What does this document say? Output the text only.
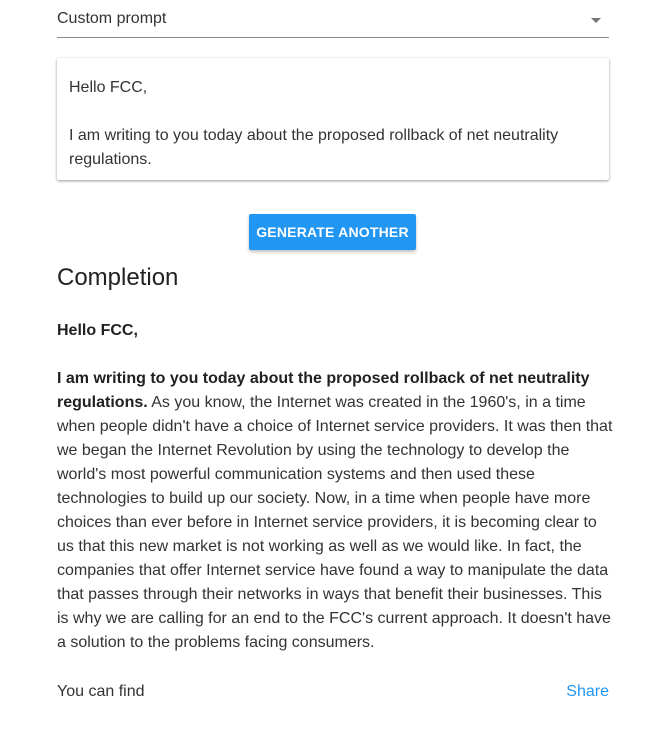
Custom prompt

Hello FCC,

I am writing to you today about the proposed rollback of net neutrality regulations.

GENERATE ANOTHER
Completion

Hello FCC,

I am writing to you today about the proposed rollback of net neutrality regulations. As you know, the Internet was created in the 1960's, in a time when people didn't have a choice of Internet service providers. It was then that we began the Internet Revolution by using the technology to develop the world's most powerful communication systems and then used these technologies to build up our society. Now, in a time when people have more choices than ever before in Internet service providers, it is becoming clear to us that this new market is not working as well as we would like. In fact, the companies that offer Internet service have found a way to manipulate the data that passes through their networks in ways that benefit their businesses. This is why we are calling for an end to the FCC's current approach. It doesn't have a solution to the problems facing consumers.

You can find	Share
